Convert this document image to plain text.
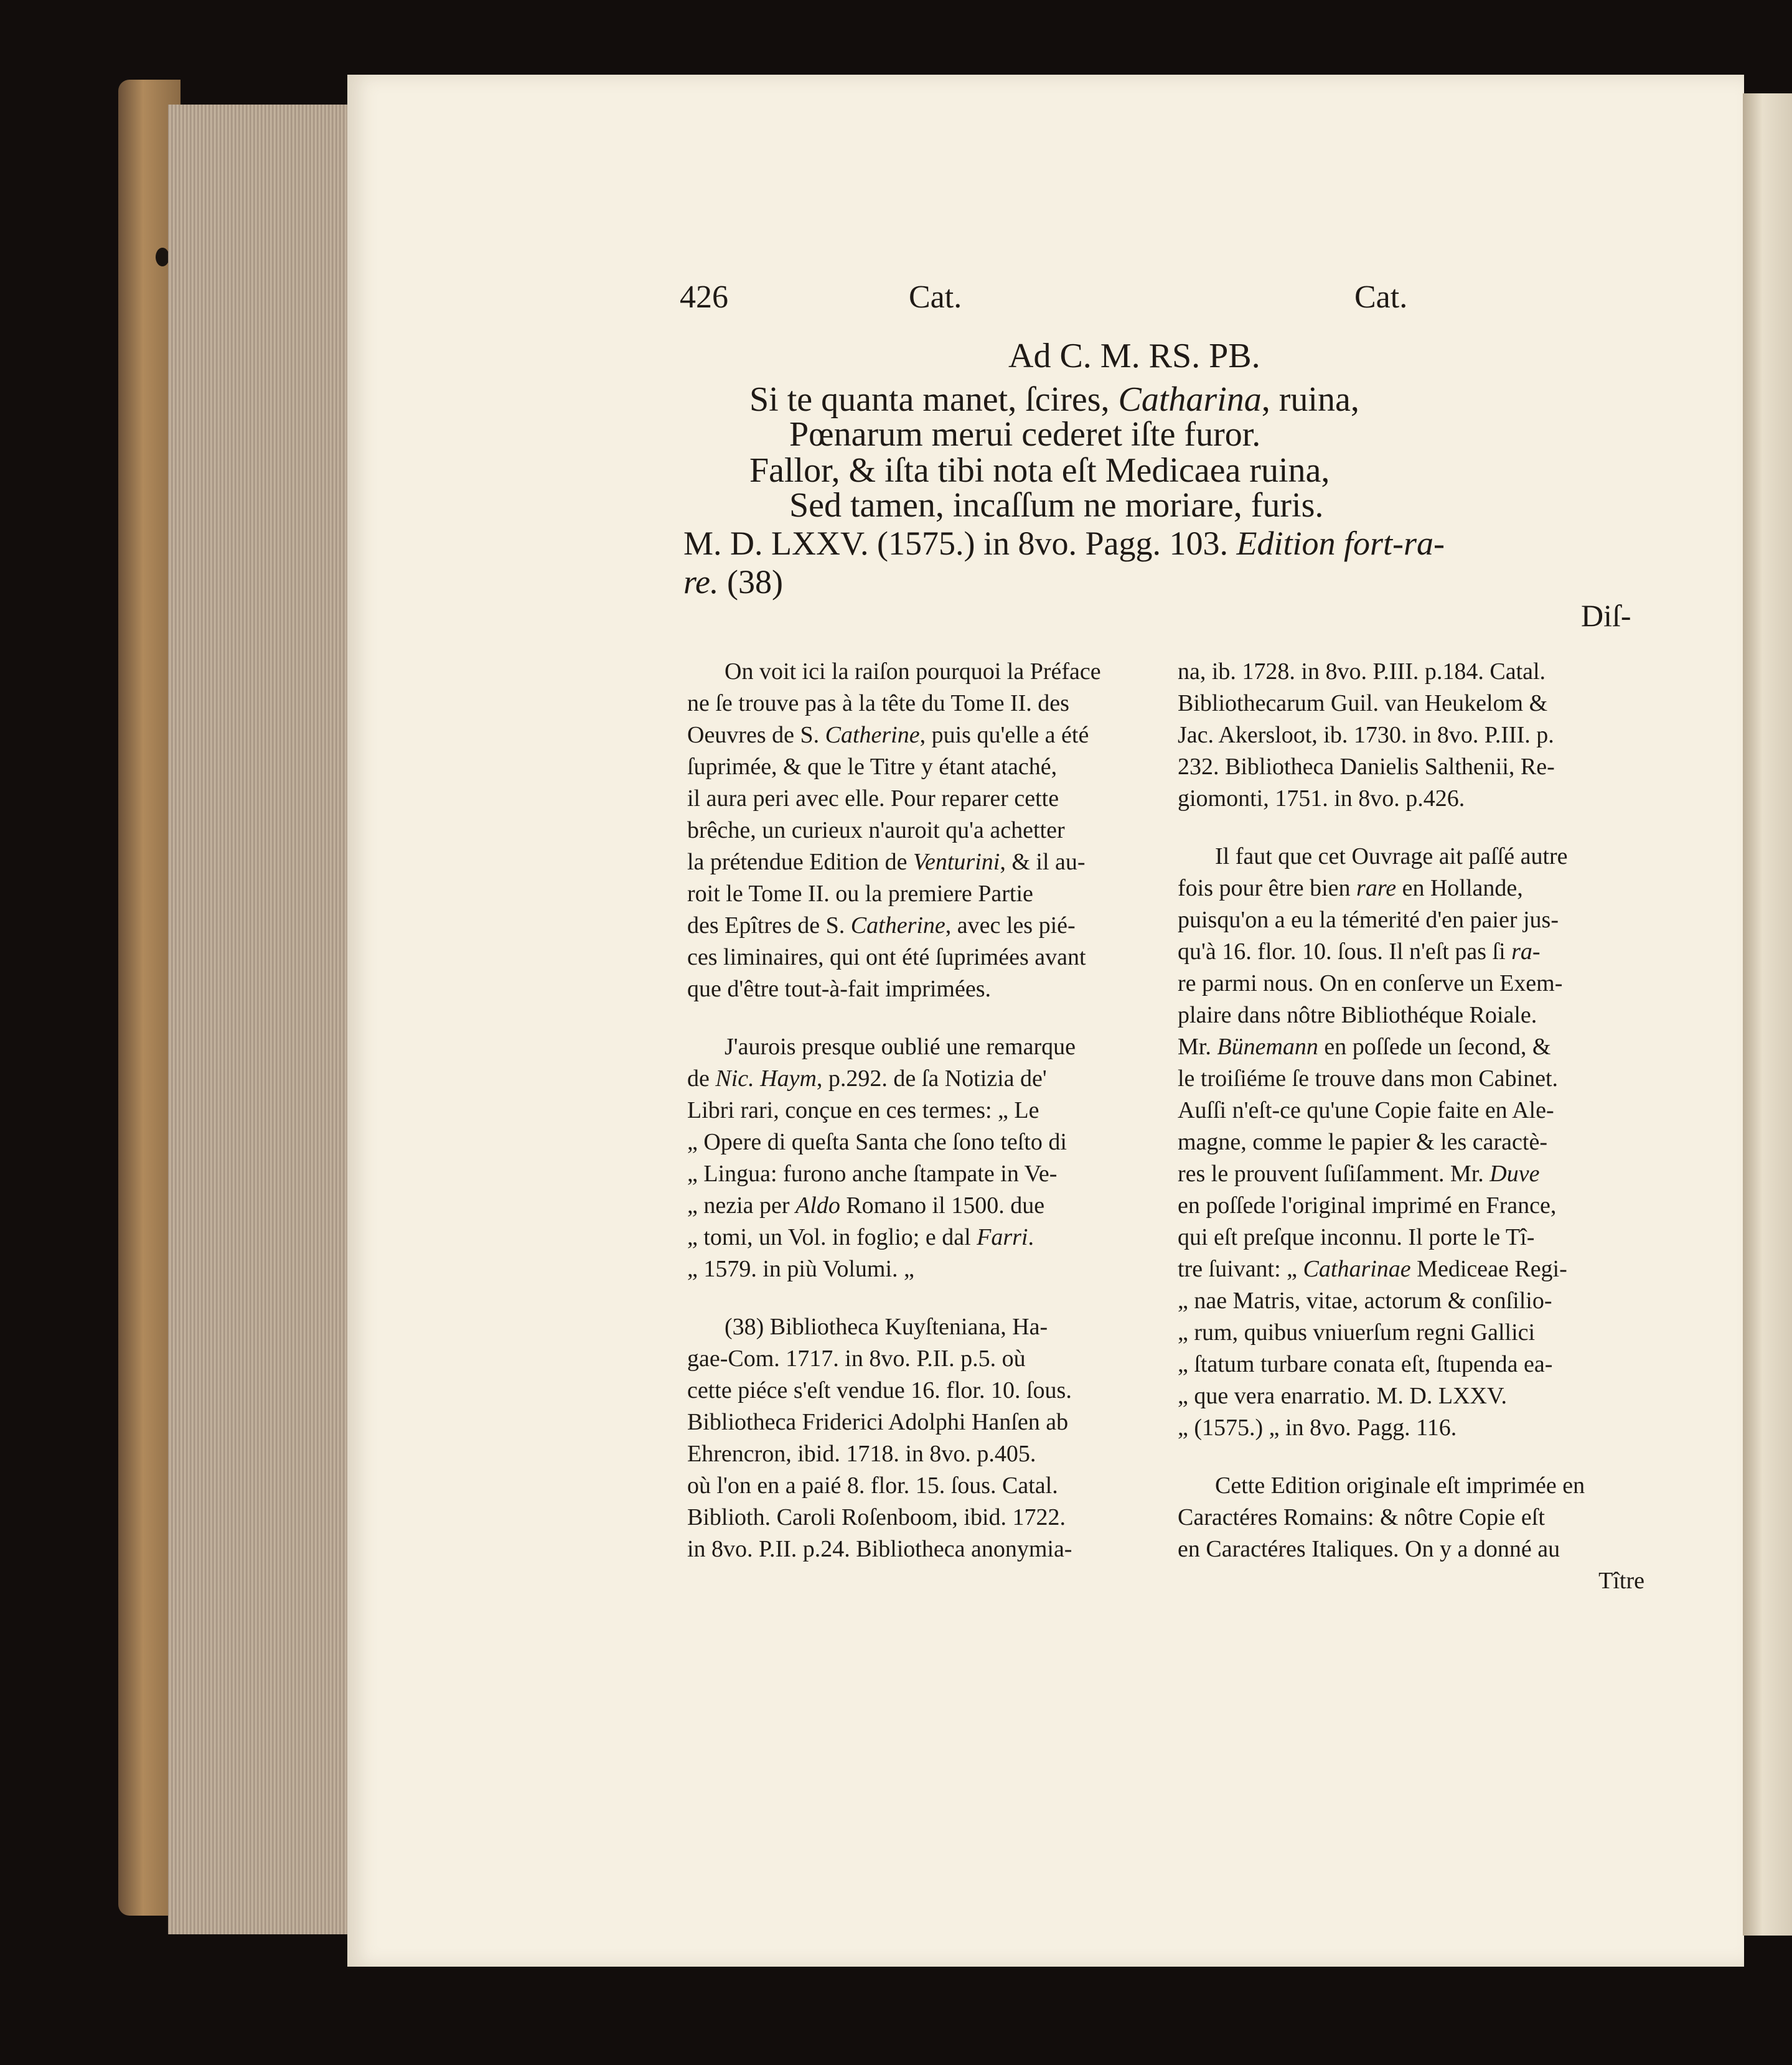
426	Cat.	Cat.

Ad C. M. RS. PB.

Si te quanta manet, ſcires, Catharina, ruina,

Pœnarum merui cederet iſte furor.

Fallor, & iſta tibi nota eſt Medicaea ruina,

Sed tamen, incaſſum ne moriare, furis.

M. D. LXXV. (1575.) in 8vo. Pagg. 103. Edition fort-ra-

re. (38)

Diſ-

On voit ici la raiſon pourquoi la Préface

ne ſe trouve pas à la tête du Tome II. des

Oeuvres de S. Catherine, puis qu'elle a été

ſuprimée, & que le Titre y étant ataché,

il aura peri avec elle. Pour reparer cette

brêche, un curieux n'auroit qu'a achetter

la prétendue Edition de Venturini, & il au-

roit le Tome II. ou la premiere Partie

des Epîtres de S. Catherine, avec les pié-

ces liminaires, qui ont été ſuprimées avant

que d'être tout-à-fait imprimées.

J'aurois presque oublié une remarque

de Nic. Haym, p.292. de ſa Notizia de'

Libri rari, conçue en ces termes: „ Le

„ Opere di queſta Santa che ſono teſto di

„ Lingua: furono anche ſtampate in Ve-

„ nezia per Aldo Romano il 1500. due

„ tomi, un Vol. in foglio; e dal Farri.

„ 1579. in più Volumi. „

(38) Bibliotheca Kuyſteniana, Ha-

gae-Com. 1717. in 8vo. P.II. p.5. où

cette piéce s'eſt vendue 16. flor. 10. ſous.

Bibliotheca Friderici Adolphi Hanſen ab

Ehrencron, ibid. 1718. in 8vo. p.405.

où l'on en a paié 8. flor. 15. ſous. Catal.

Biblioth. Caroli Roſenboom, ibid. 1722.

in 8vo. P.II. p.24. Bibliotheca anonymia-

na, ib. 1728. in 8vo. P.III. p.184. Catal.

Bibliothecarum Guil. van Heukelom &

Jac. Akersloot, ib. 1730. in 8vo. P.III. p.

232. Bibliotheca Danielis Salthenii, Re-

giomonti, 1751. in 8vo. p.426.

Il faut que cet Ouvrage ait paſſé autre

fois pour être bien rare en Hollande,

puisqu'on a eu la témerité d'en paier jus-

qu'à 16. flor. 10. ſous. Il n'eſt pas ſi ra-

re parmi nous. On en conſerve un Exem-

plaire dans nôtre Bibliothéque Roiale.

Mr. Bünemann en poſſede un ſecond, &

le troiſiéme ſe trouve dans mon Cabinet.

Auſſi n'eſt-ce qu'une Copie faite en Ale-

magne, comme le papier & les caractè-

res le prouvent ſuſiſamment. Mr. Duve

en poſſede l'original imprimé en France,

qui eſt preſque inconnu. Il porte le Tî-

tre ſuivant: „ Catharinae Mediceae Regi-

„ nae Matris, vitae, actorum & conſilio-

„ rum, quibus vniuerſum regni Gallici

„ ſtatum turbare conata eſt, ſtupenda ea-

„ que vera enarratio. M. D. LXXV.

„ (1575.) „ in 8vo. Pagg. 116.

Cette Edition originale eſt imprimée en

Caractéres Romains: & nôtre Copie eſt

en Caractéres Italiques. On y a donné au

Tître
